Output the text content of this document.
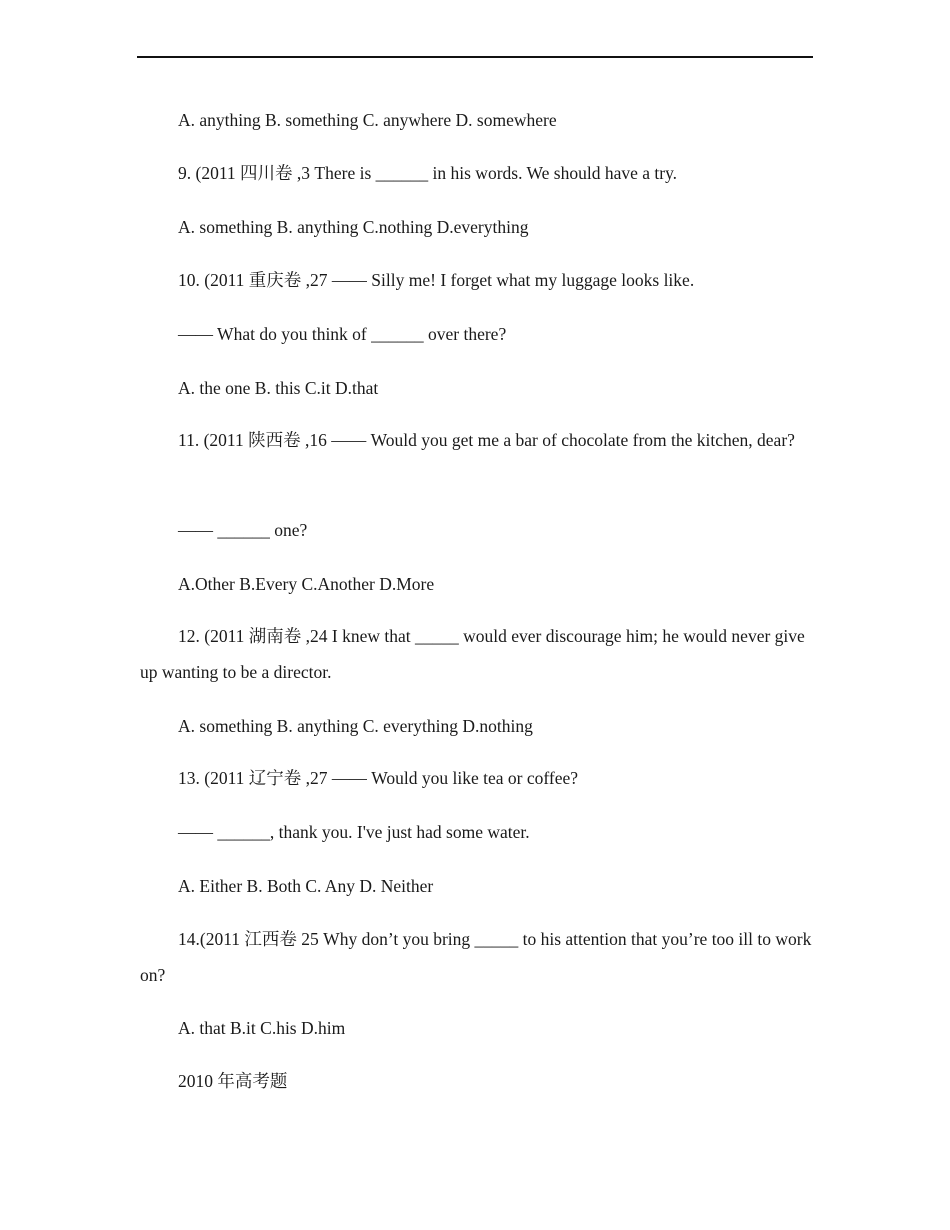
A. anything B. something C. anywhere D. somewhere
9. (2011 四川卷 ,3 There is ______ in his words. We should have a try.
A. something B. anything C.nothing D.everything
10. (2011 重庆卷 ,27 —— Silly me! I forget what my luggage looks like.
—— What do you think of ______ over there?
A. the one B. this C.it D.that
11. (2011 陕西卷 ,16 —— Would you get me a bar of chocolate from the kitchen, dear?
—— ______ one?
A.Other B.Every C.Another D.More
12. (2011 湖南卷 ,24 I knew that _____ would ever discourage him; he would never give up wanting to be a director.
A. something B. anything C. everything D.nothing
13. (2011 辽宁卷 ,27 —— Would you like tea or coffee?
—— ______, thank you. I've just had some water.
A. Either B. Both C. Any D. Neither
14.(2011 江西卷 25 Why don’t you bring _____ to his attention that you’re too ill to work on?
A. that B.it C.his D.him
2010 年高考题
